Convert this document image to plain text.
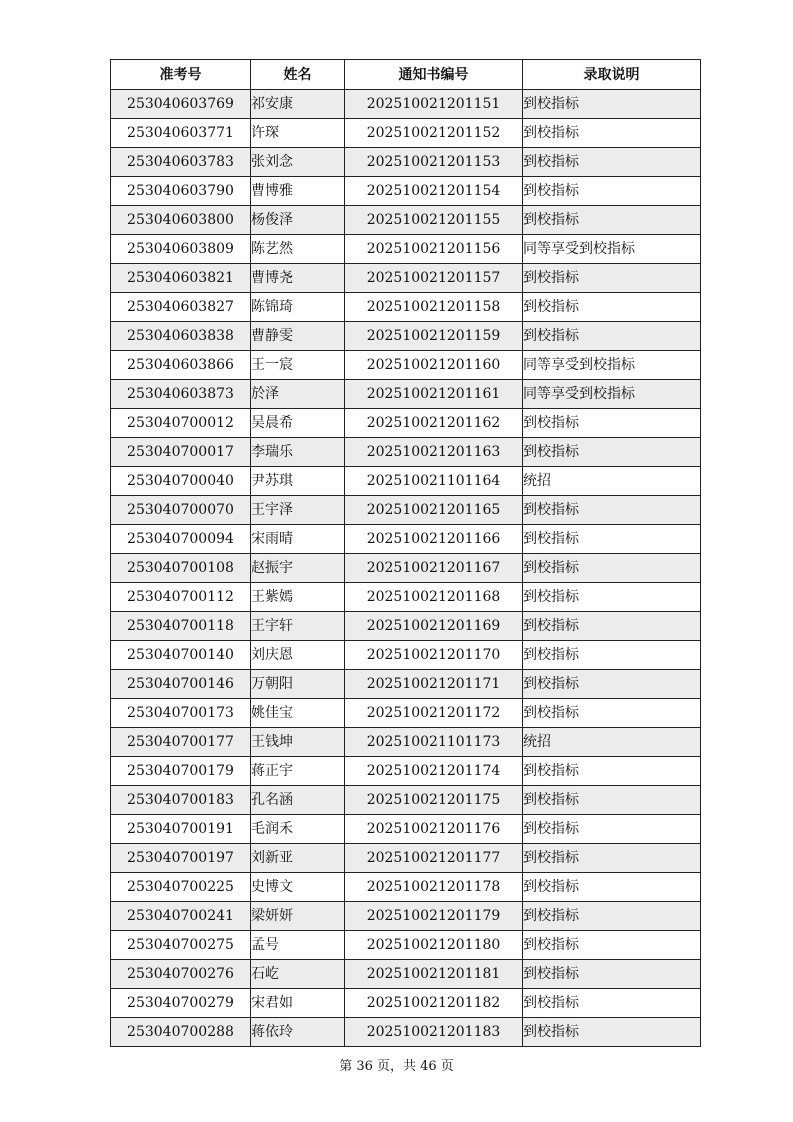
准考号	姓名	通知书编号	录取说明
253040603769	祁安康	202510021201151	到校指标
253040603771	许琛	202510021201152	到校指标
253040603783	张刘念	202510021201153	到校指标
253040603790	曹博雅	202510021201154	到校指标
253040603800	杨俊泽	202510021201155	到校指标
253040603809	陈艺然	202510021201156	同等享受到校指标
253040603821	曹博尧	202510021201157	到校指标
253040603827	陈锦琦	202510021201158	到校指标
253040603838	曹静雯	202510021201159	到校指标
253040603866	王一宸	202510021201160	同等享受到校指标
253040603873	於泽	202510021201161	同等享受到校指标
253040700012	吴晨希	202510021201162	到校指标
253040700017	李瑞乐	202510021201163	到校指标
253040700040	尹苏琪	202510021101164	统招
253040700070	王宇泽	202510021201165	到校指标
253040700094	宋雨晴	202510021201166	到校指标
253040700108	赵振宇	202510021201167	到校指标
253040700112	王紫嫣	202510021201168	到校指标
253040700118	王宇轩	202510021201169	到校指标
253040700140	刘庆恩	202510021201170	到校指标
253040700146	万朝阳	202510021201171	到校指标
253040700173	姚佳宝	202510021201172	到校指标
253040700177	王钱坤	202510021101173	统招
253040700179	蒋正宇	202510021201174	到校指标
253040700183	孔名涵	202510021201175	到校指标
253040700191	毛润禾	202510021201176	到校指标
253040700197	刘新亚	202510021201177	到校指标
253040700225	史博文	202510021201178	到校指标
253040700241	梁妍妍	202510021201179	到校指标
253040700275	孟号	202510021201180	到校指标
253040700276	石屹	202510021201181	到校指标
253040700279	宋君如	202510021201182	到校指标
253040700288	蒋依玲	202510021201183	到校指标
第 36 页，共 46 页
